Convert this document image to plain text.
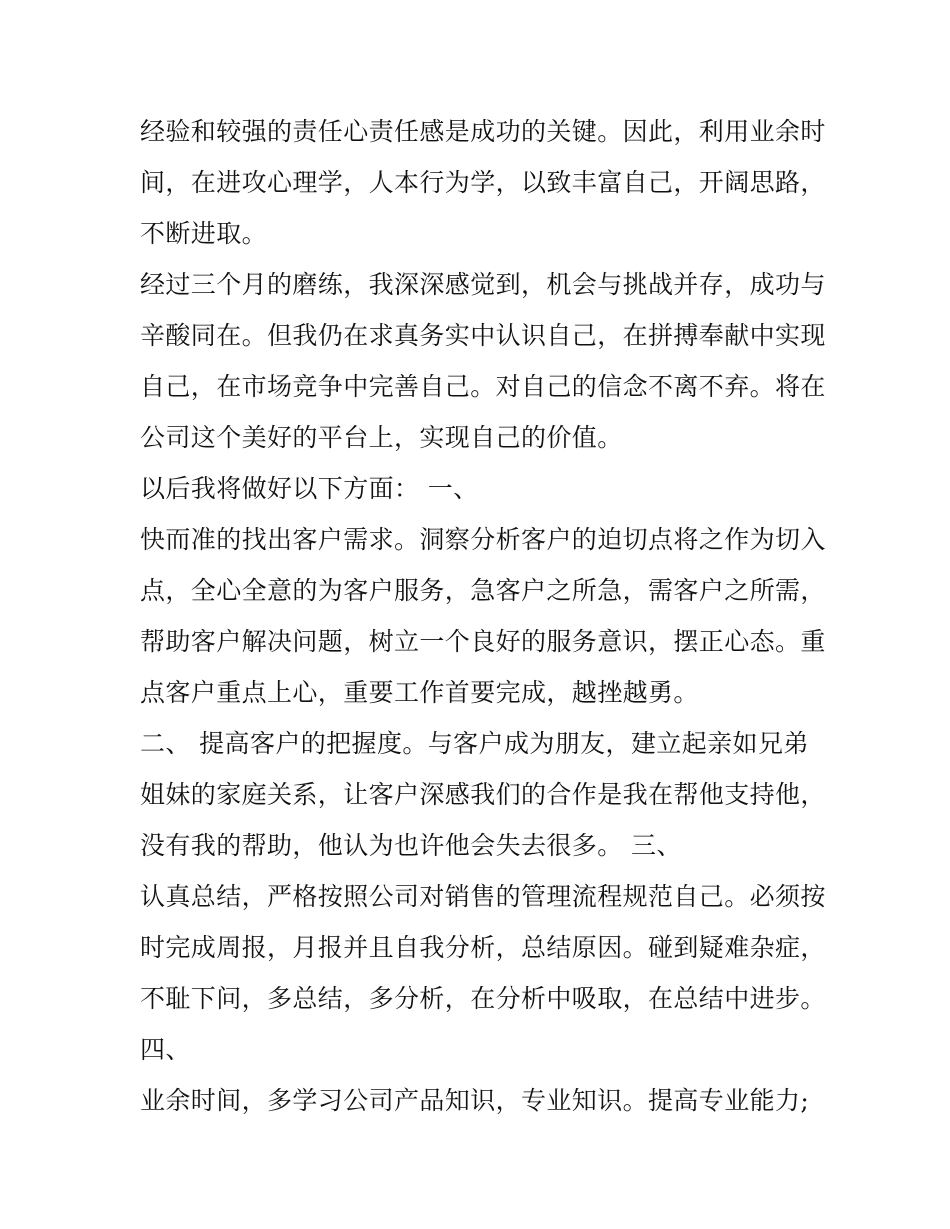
经验和较强的责任心责任感是成功的关键。因此，利用业余时
间，在进攻心理学，人本行为学，以致丰富自己，开阔思路，
不断进取。
经过三个月的磨练，我深深感觉到，机会与挑战并存，成功与
辛酸同在。但我仍在求真务实中认识自己，在拼搏奉献中实现
自己，在市场竞争中完善自己。对自己的信念不离不弃。将在
公司这个美好的平台上，实现自己的价值。
以后我将做好以下方面： 一、
快而准的找出客户需求。洞察分析客户的迫切点将之作为切入
点，全心全意的为客户服务，急客户之所急，需客户之所需，
帮助客户解决问题，树立一个良好的服务意识，摆正心态。重
点客户重点上心，重要工作首要完成，越挫越勇。
二、 提高客户的把握度。与客户成为朋友，建立起亲如兄弟
姐妹的家庭关系，让客户深感我们的合作是我在帮他支持他，
没有我的帮助，他认为也许他会失去很多。 三、
认真总结，严格按照公司对销售的管理流程规范自己。必须按
时完成周报，月报并且自我分析，总结原因。碰到疑难杂症，
不耻下问，多总结，多分析，在分析中吸取，在总结中进步。
四、
业余时间，多学习公司产品知识，专业知识。提高专业能力;
